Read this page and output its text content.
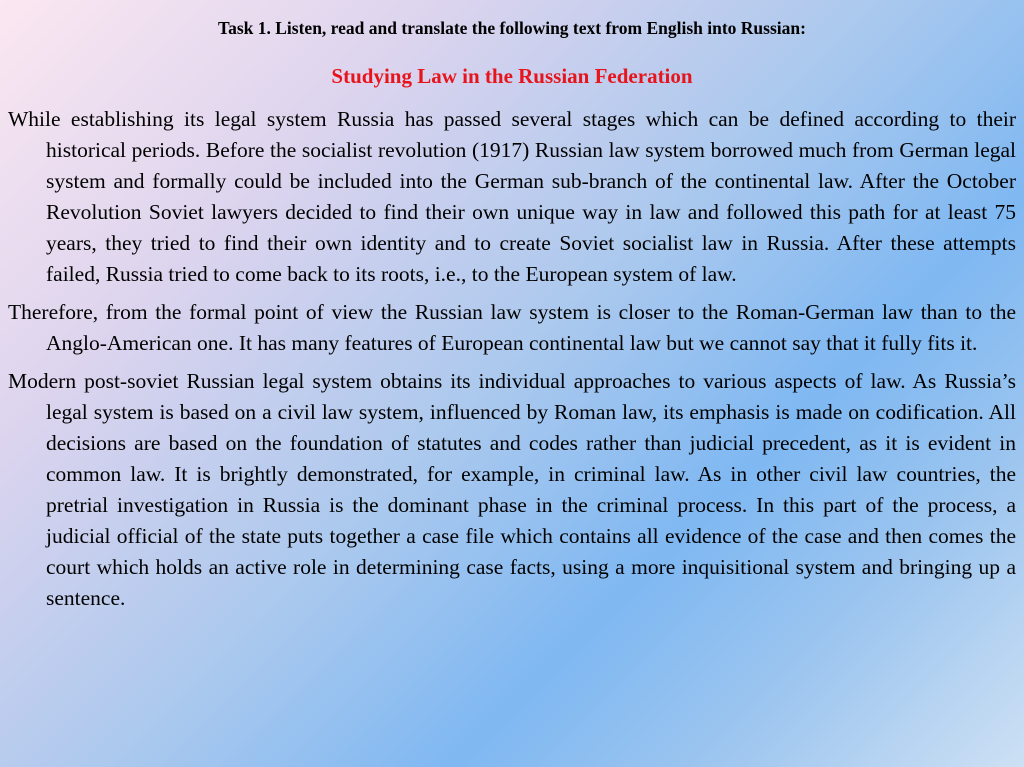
Task 1. Listen, read and translate the following text from English into Russian:
Studying Law in the Russian Federation

While establishing its legal system Russia has passed several stages which can be defined according to their historical periods. Before the socialist revolution (1917) Russian law system borrowed much from German legal system and formally could be included into the German sub-branch of the continental law. After the October Revolution Soviet lawyers decided to find their own unique way in law and followed this path for at least 75 years, they tried to find their own identity and to create Soviet socialist law in Russia. After these attempts failed, Russia tried to come back to its roots, i.e., to the European system of law.

Therefore, from the formal point of view the Russian law system is closer to the Roman-German law than to the Anglo-American one. It has many features of European continental law but we cannot say that it fully fits it.

Modern post-soviet Russian legal system obtains its individual approaches to various aspects of law. As Russia’s legal system is based on a civil law system, influenced by Roman law, its emphasis is made on codification. All decisions are based on the foundation of statutes and codes rather than judicial precedent, as it is evident in common law. It is brightly demonstrated, for example, in criminal law. As in other civil law countries, the pretrial investigation in Russia is the dominant phase in the criminal process. In this part of the process, a judicial official of the state puts together a case file which contains all evidence of the case and then comes the court which holds an active role in determining case facts, using a more inquisitional system and bringing up a sentence.
